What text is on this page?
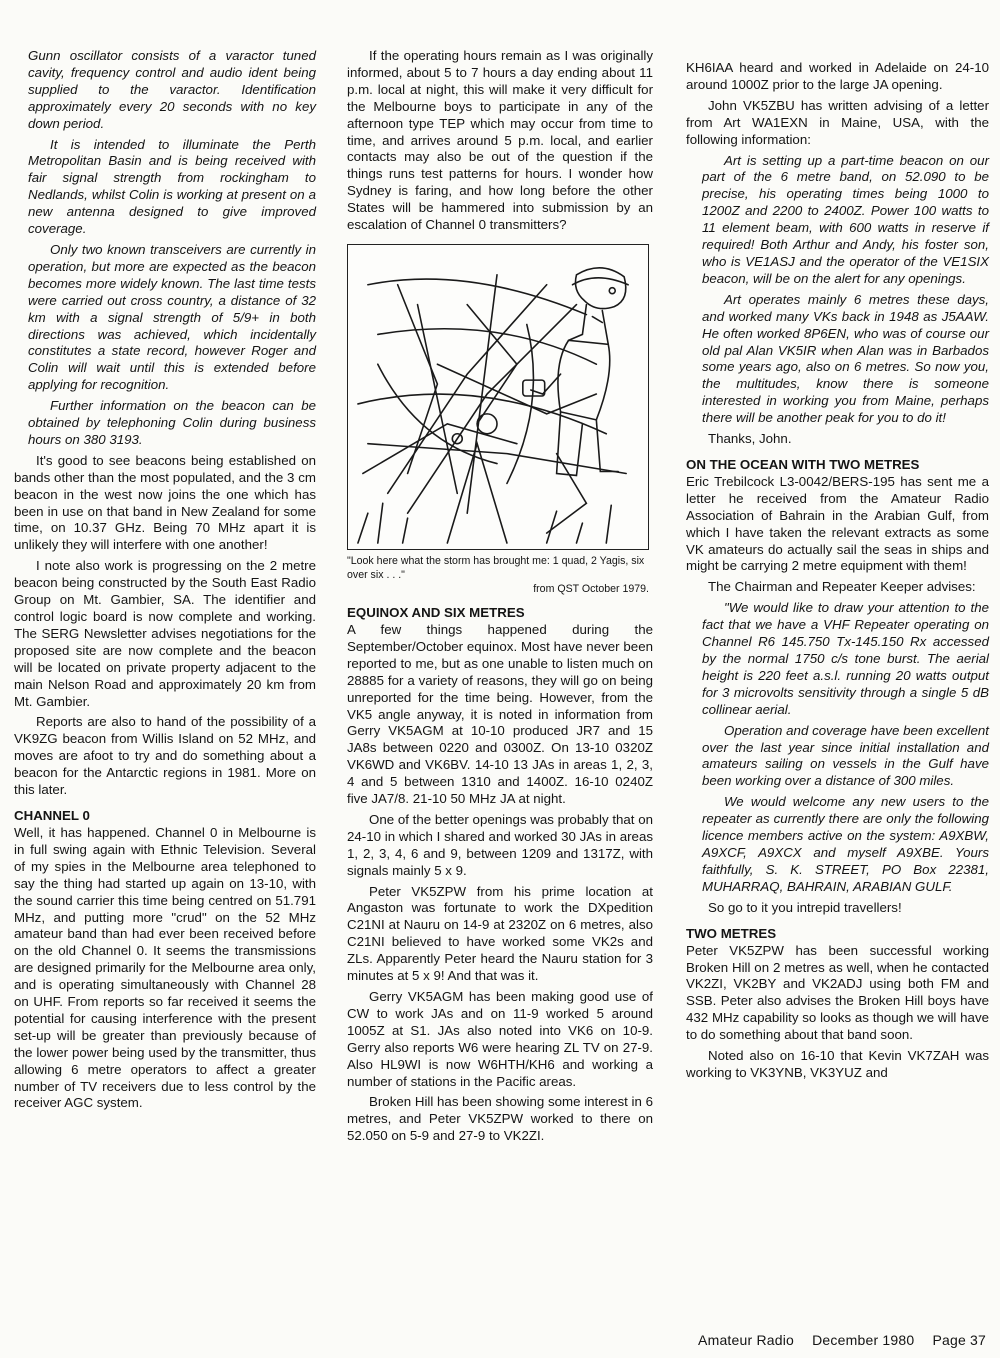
Gunn oscillator consists of a varactor tuned cavity, frequency control and audio ident being supplied to the varactor. Identification approximately every 20 seconds with no key down period.

It is intended to illuminate the Perth Metropolitan Basin and is being received with fair signal strength from rockingham to Nedlands, whilst Colin is working at present on a new antenna designed to give improved coverage.

Only two known transceivers are currently in operation, but more are expected as the beacon becomes more widely known. The last time tests were carried out cross country, a distance of 32 km with a signal strength of 5/9+ in both directions was achieved, which incidentally constitutes a state record, however Roger and Colin will wait until this is extended before applying for recognition.

Further information on the beacon can be obtained by telephoning Colin during business hours on 380 3193.

It's good to see beacons being established on bands other than the most populated, and the 3 cm beacon in the west now joins the one which has been in use on that band in New Zealand for some time, on 10.37 GHz. Being 70 MHz apart it is unlikely they will interfere with one another!

I note also work is progressing on the 2 metre beacon being constructed by the South East Radio Group on Mt. Gambier, SA. The identifier and control logic board is now complete and working. The SERG Newsletter advises negotiations for the proposed site are now complete and the beacon will be located on private property adjacent to the main Nelson Road and approximately 20 km from Mt. Gambier.

Reports are also to hand of the possibility of a VK9ZG beacon from Willis Island on 52 MHz, and moves are afoot to try and do something about a beacon for the Antarctic regions in 1981. More on this later.

CHANNEL 0

Well, it has happened. Channel 0 in Melbourne is in full swing again with Ethnic Television. Several of my spies in the Melbourne area telephoned to say the thing had started up again on 13-10, with the sound carrier this time being centred on 51.791 MHz, and putting more "crud" on the 52 MHz amateur band than had ever been received before on the old Channel 0. It seems the transmissions are designed primarily for the Melbourne area only, and is operating simultaneously with Channel 28 on UHF. From reports so far received it seems the potential for causing interference with the present set-up will be greater than previously because of the lower power being used by the transmitter, thus allowing 6 metre operators to affect a greater number of TV receivers due to less control by the receiver AGC system.

If the operating hours remain as I was originally informed, about 5 to 7 hours a day ending about 11 p.m. local at night, this will make it very difficult for the Melbourne boys to participate in any of the afternoon type TEP which may occur from time to time, and arrives around 5 p.m. local, and earlier contacts may also be out of the question if the things runs test patterns for hours. I wonder how Sydney is faring, and how long before the other States will be hammered into submission by an escalation of Channel 0 transmitters?

"Look here what the storm has brought me: 1 quad, 2 Yagis, six over six . . ."
from QST October 1979.
EQUINOX AND SIX METRES

A few things happened during the September/October equinox. Most have never been reported to me, but as one unable to listen much on 28885 for a variety of reasons, they will go on being unreported for the time being. However, from the VK5 angle anyway, it is noted in information from Gerry VK5AGM at 10-10 produced JR7 and 15 JA8s between 0220 and 0300Z. On 13-10 0320Z VK6WD and VK6BV. 14-10 13 JAs in areas 1, 2, 3, 4 and 5 between 1310 and 1400Z. 16-10 0240Z five JA7/8. 21-10 50 MHz JA at night.

One of the better openings was probably that on 24-10 in which I shared and worked 30 JAs in areas 1, 2, 3, 4, 6 and 9, between 1209 and 1317Z, with signals mainly 5 x 9.

Peter VK5ZPW from his prime location at Angaston was fortunate to work the DXpedition C21NI at Nauru on 14-9 at 2320Z on 6 metres, also C21NI believed to have worked some VK2s and ZLs. Apparently Peter heard the Nauru station for 3 minutes at 5 x 9! And that was it.

Gerry VK5AGM has been making good use of CW to work JAs and on 11-9 worked 5 around 1005Z at S1. JAs also noted into VK6 on 10-9. Gerry also reports W6 were hearing ZL TV on 27-9. Also HL9WI is now W6HTH/KH6 and working a number of stations in the Pacific areas.

Broken Hill has been showing some interest in 6 metres, and Peter VK5ZPW worked to there on 52.050 on 5-9 and 27-9 to VK2ZI.

KH6IAA heard and worked in Adelaide on 24-10 around 1000Z prior to the large JA opening.

John VK5ZBU has written advising of a letter from Art WA1EXN in Maine, USA, with the following information:

Art is setting up a part-time beacon on our part of the 6 metre band, on 52.090 to be precise, his operating times being 1000 to 1200Z and 2200 to 2400Z. Power 100 watts to 11 element beam, with 600 watts in reserve if required! Both Arthur and Andy, his foster son, who is VE1ASJ and the operator of the VE1SIX beacon, will be on the alert for any openings.

Art operates mainly 6 metres these days, and worked many VKs back in 1948 as J5AAW. He often worked 8P6EN, who was of course our old pal Alan VK5IR when Alan was in Barbados some years ago, also on 6 metres. So now you, the multitudes, know there is someone interested in working you from Maine, perhaps there will be another peak for you to do it!

Thanks, John.

ON THE OCEAN WITH TWO METRES

Eric Trebilcock L3-0042/BERS-195 has sent me a letter he received from the Amateur Radio Association of Bahrain in the Arabian Gulf, from which I have taken the relevant extracts as some VK amateurs do actually sail the seas in ships and might be carrying 2 metre equipment with them!

The Chairman and Repeater Keeper advises:

"We would like to draw your attention to the fact that we have a VHF Repeater operating on Channel R6 145.750 Tx-145.150 Rx accessed by the normal 1750 c/s tone burst. The aerial height is 220 feet a.s.l. running 20 watts output for 3 microvolts sensitivity through a single 5 dB collinear aerial.

Operation and coverage have been excellent over the last year since initial installation and amateurs sailing on vessels in the Gulf have been working over a distance of 300 miles.

We would welcome any new users to the repeater as currently there are only the following licence members active on the system: A9XBW, A9XCF, A9XCX and myself A9XBE. Yours faithfully, S. K. STREET, PO Box 22381, MUHARRAQ, BAHRAIN, ARABIAN GULF.

So go to it you intrepid travellers!

TWO METRES

Peter VK5ZPW has been successful working Broken Hill on 2 metres as well, when he contacted VK2ZI, VK2BY and VK2ADJ using both FM and SSB. Peter also advises the Broken Hill boys have 432 MHz capability so looks as though we will have to do something about that band soon.

Noted also on 16-10 that Kevin VK7ZAH was working to VK3YNB, VK3YUZ and

Amateur Radio December 1980 Page 37
